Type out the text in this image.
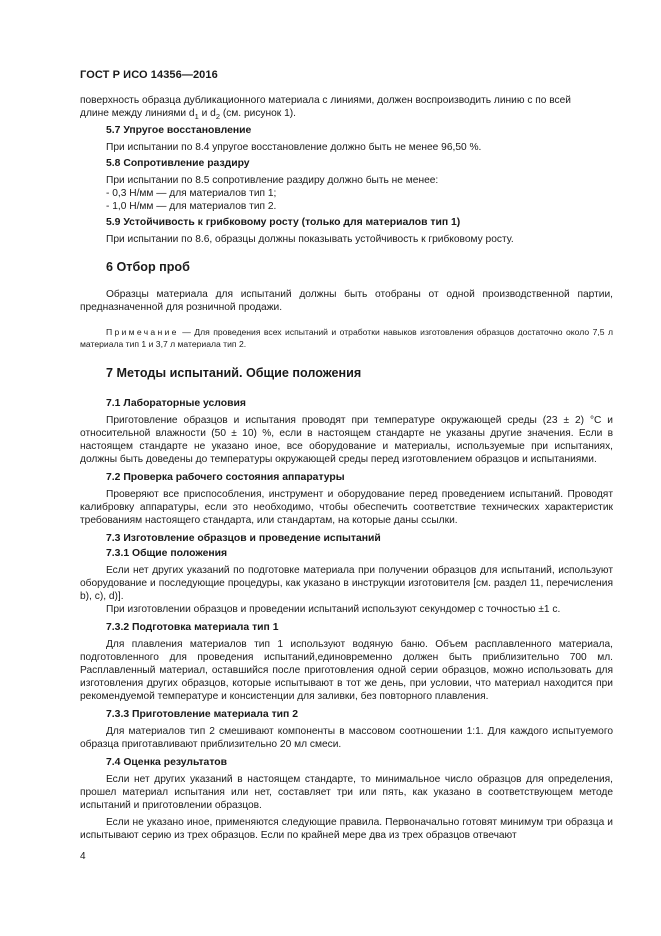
ГОСТ Р ИСО 14356—2016

поверхность образца дубликационного материала с линиями, должен воспроизводить линию c по всей

длине между линиями $d_1$ и $d_2$ (см. рисунок 1).

5.7 Упругое восстановление

При испытании по 8.4 упругое восстановление должно быть не менее 96,50 %.

5.8 Сопротивление раздиру

При испытании по 8.5 сопротивление раздиру должно быть не менее:

- 0,3 Н/мм — для материалов тип 1;

- 1,0 Н/мм — для материалов тип 2.

5.9 Устойчивость к грибковому росту (только для материалов тип 1)

При испытании по 8.6, образцы должны показывать устойчивость к грибковому росту.

6 Отбор проб

Образцы материала для испытаний должны быть отобраны от одной производственной партии, предназначенной для розничной продажи.

Примечание — Для проведения всех испытаний и отработки навыков изготовления образцов достаточно около 7,5 л материала тип 1 и 3,7 л материала тип 2.

7 Методы испытаний. Общие положения

7.1 Лабораторные условия

Приготовление образцов и испытания проводят при температуре окружающей среды (23 ± 2) °С и относительной влажности (50 ± 10) %, если в настоящем стандарте не указаны другие значения. Если в настоящем стандарте не указано иное, все оборудование и материалы, используемые при испытаниях, должны быть доведены до температуры окружающей среды перед изготовлением образцов и испытаниями.

7.2 Проверка рабочего состояния аппаратуры

Проверяют все приспособления, инструмент и оборудование перед проведением испытаний. Проводят калибровку аппаратуры, если это необходимо, чтобы обеспечить соответствие технических характеристик требованиям настоящего стандарта, или стандартам, на которые даны ссылки.

7.3 Изготовление образцов и проведение испытаний

7.3.1 Общие положения

Если нет других указаний по подготовке материала при получении образцов для испытаний, используют оборудование и последующие процедуры, как указано в инструкции изготовителя [см. раздел 11, перечисления b), c), d)].

При изготовлении образцов и проведении испытаний используют секундомер с точностью ±1 с.

7.3.2 Подготовка материала тип 1

Для плавления материалов тип 1 используют водяную баню. Объем расплавленного материала, подготовленного для проведения испытаний,единовременно должен быть приблизительно 700 мл. Расплавленный материал, оставшийся после приготовления одной серии образцов, можно использовать для изготовления других образцов, которые испытывают в тот же день, при условии, что материал находится при рекомендуемой температуре и консистенции для заливки, без повторного плавления.

7.3.3 Приготовление материала тип 2

Для материалов тип 2 смешивают компоненты в массовом соотношении 1:1. Для каждого испытуемого образца приготавливают приблизительно 20 мл смеси.

7.4 Оценка результатов

Если нет других указаний в настоящем стандарте, то минимальное число образцов для определения, прошел материал испытания или нет, составляет три или пять, как указано в соответствующем методе испытаний и приготовлении образцов.

Если не указано иное, применяются следующие правила. Первоначально готовят минимум три образца и испытывают серию из трех образцов. Если по крайней мере два из трех образцов отвечают

4
